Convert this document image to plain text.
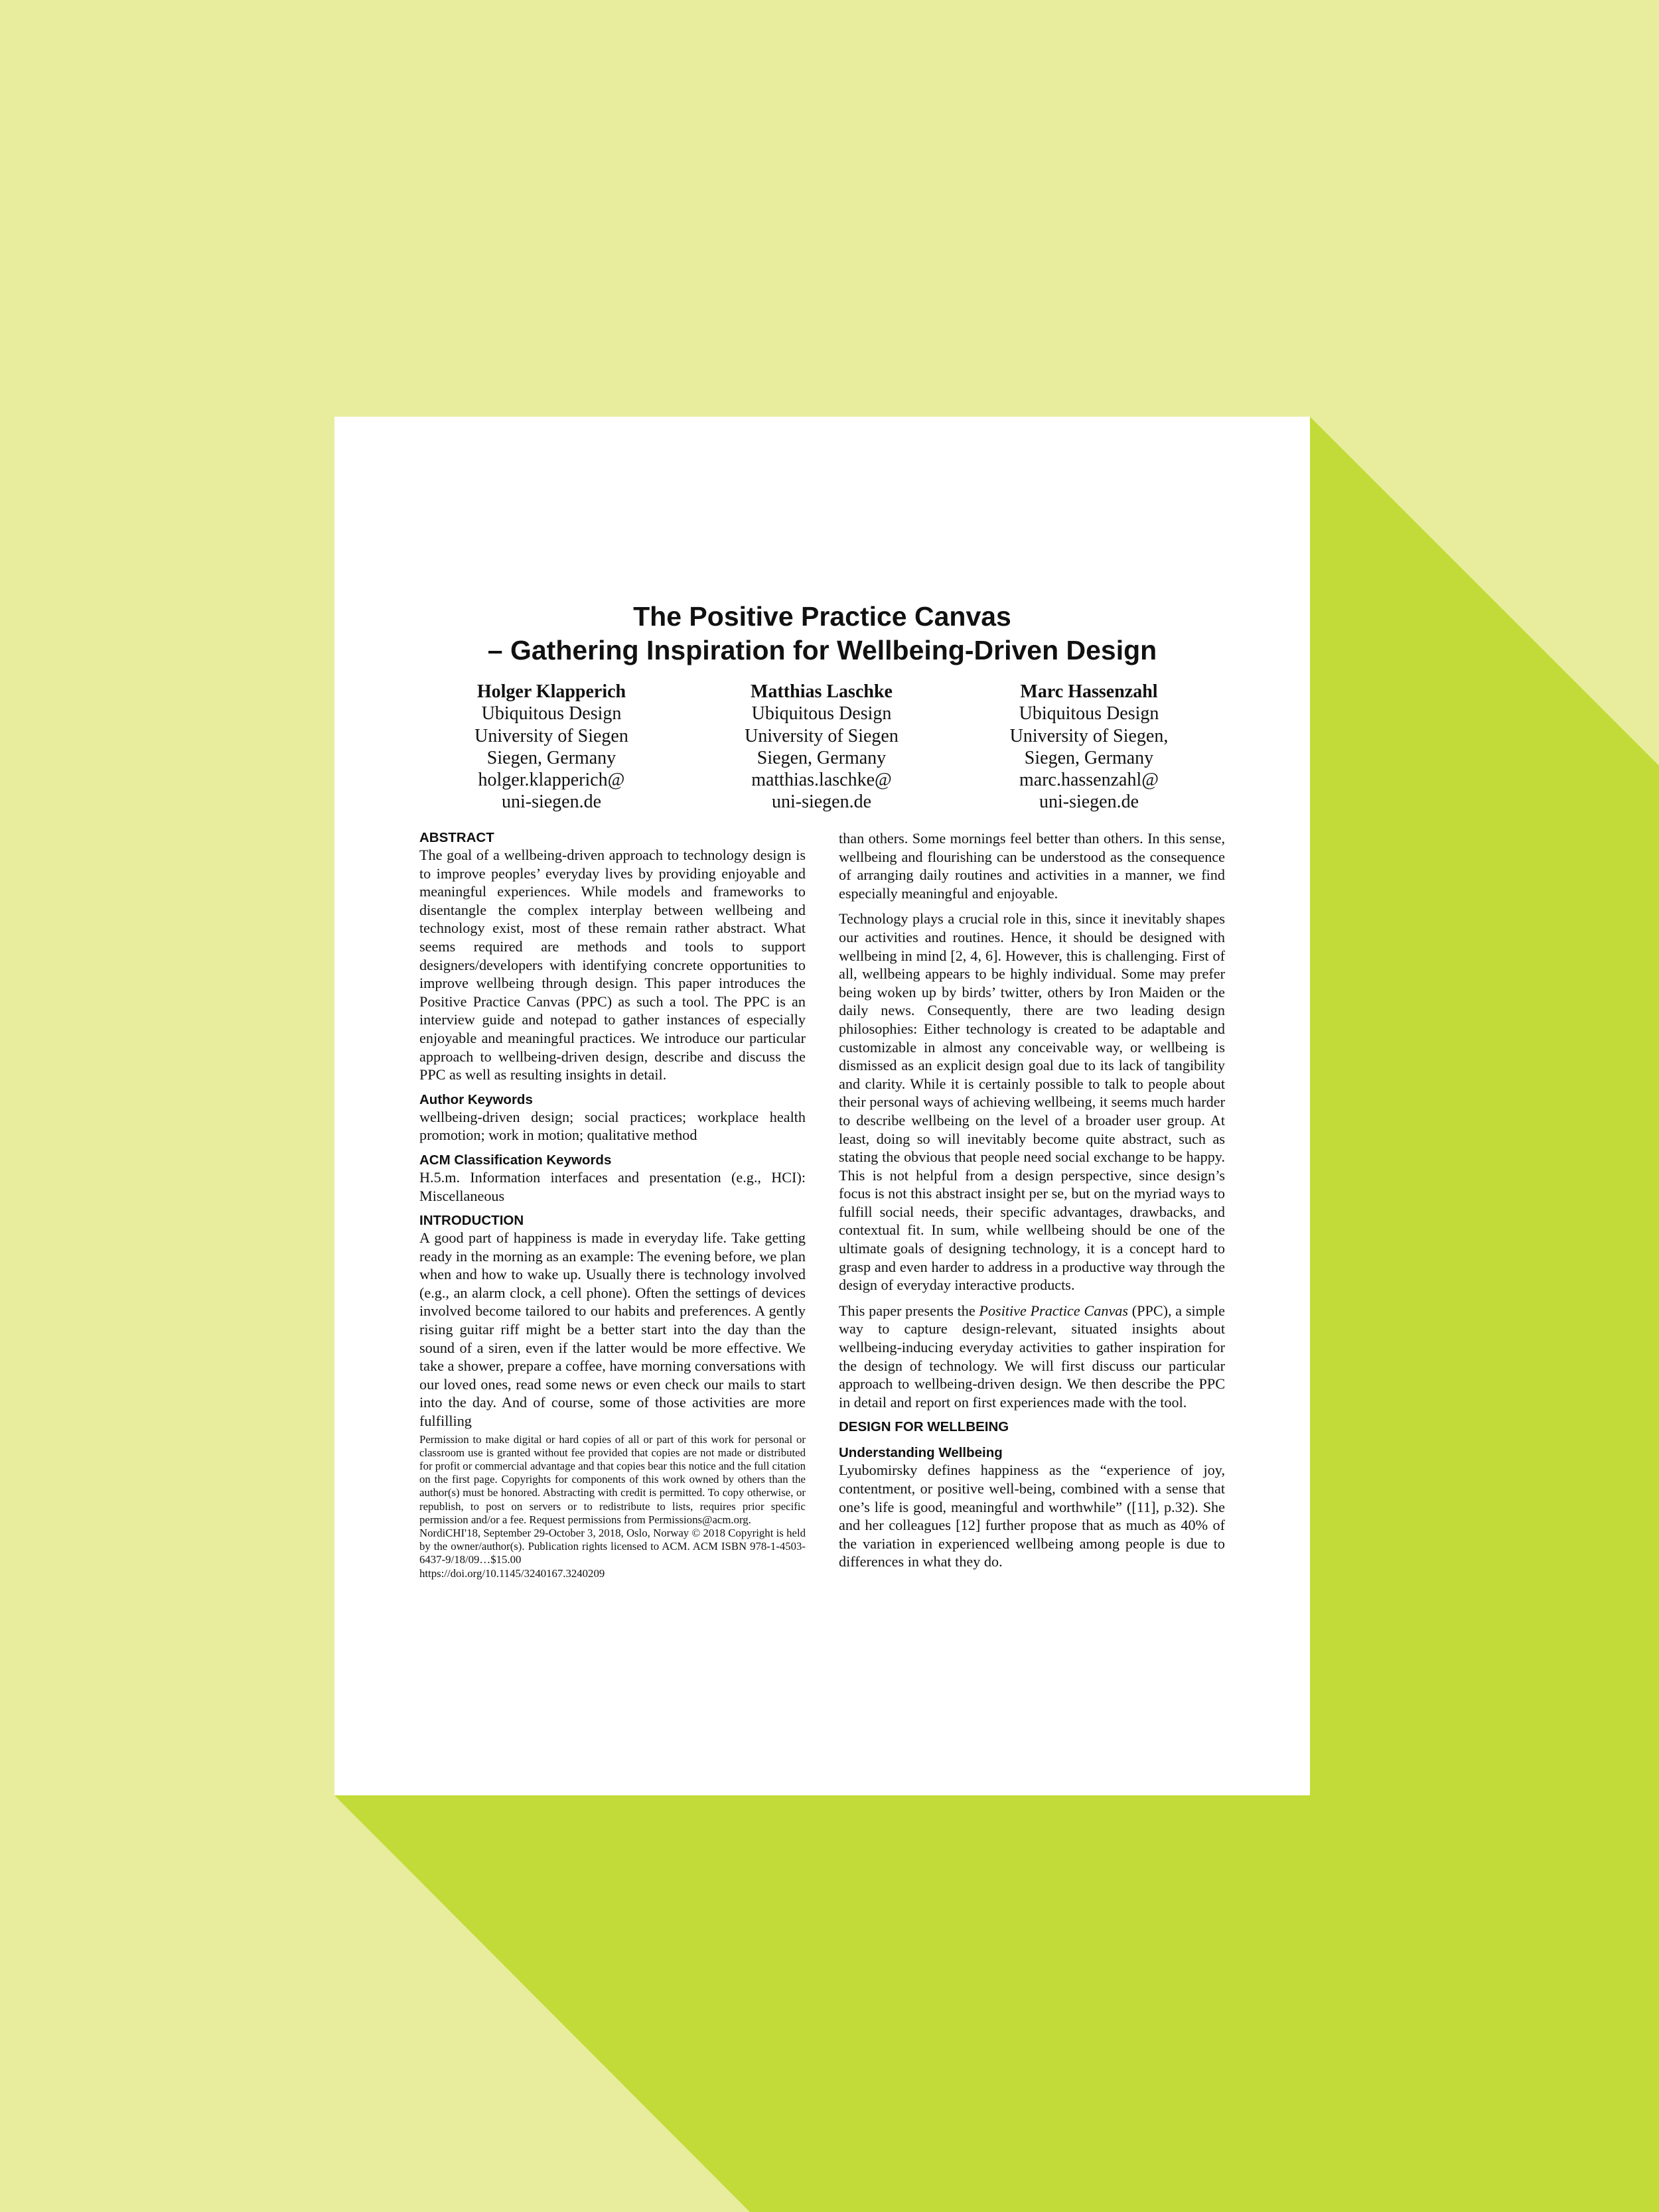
The Positive Practice Canvas
– Gathering Inspiration for Wellbeing-Driven Design
Holger Klapperich
Ubiquitous Design
University of Siegen
Siegen, Germany
holger.klapperich@
uni-siegen.de
Matthias Laschke
Ubiquitous Design
University of Siegen
Siegen, Germany
matthias.laschke@
uni-siegen.de
Marc Hassenzahl
Ubiquitous Design
University of Siegen,
Siegen, Germany
marc.hassenzahl@
uni-siegen.de
ABSTRACT

The goal of a wellbeing-driven approach to technology design is to improve peoples’ everyday lives by providing enjoyable and meaningful experiences. While models and frameworks to disentangle the complex interplay between wellbeing and technology exist, most of these remain rather abstract. What seems required are methods and tools to support designers/developers with identifying concrete opportunities to improve wellbeing through design. This paper introduces the Positive Practice Canvas (PPC) as such a tool. The PPC is an interview guide and notepad to gather instances of especially enjoyable and meaningful practices. We introduce our particular approach to wellbeing-driven design, describe and discuss the PPC as well as resulting insights in detail.

Author Keywords

wellbeing-driven design; social practices; workplace health promotion; work in motion; qualitative method

ACM Classification Keywords

H.5.m. Information interfaces and presentation (e.g., HCI): Miscellaneous

INTRODUCTION

A good part of happiness is made in everyday life. Take getting ready in the morning as an example: The evening before, we plan when and how to wake up. Usually there is technology involved (e.g., an alarm clock, a cell phone). Often the settings of devices involved become tailored to our habits and preferences. A gently rising guitar riff might be a better start into the day than the sound of a siren, even if the latter would be more effective. We take a shower, prepare a coffee, have morning conversations with our loved ones, read some news or even check our mails to start into the day. And of course, some of those activities are more fulfilling

Permission to make digital or hard copies of all or part of this work for personal or classroom use is granted without fee provided that copies are not made or distributed for profit or commercial advantage and that copies bear this notice and the full citation on the first page. Copyrights for components of this work owned by others than the author(s) must be honored. Abstracting with credit is permitted. To copy otherwise, or republish, to post on servers or to redistribute to lists, requires prior specific permission and/or a fee. Request permissions from Permissions@acm.org.
NordiCHI'18, September 29-October 3, 2018, Oslo, Norway © 2018 Copyright is held by the owner/author(s). Publication rights licensed to ACM. ACM ISBN 978-1-4503-6437-9/18/09…$15.00
https://doi.org/10.1145/3240167.3240209

than others. Some mornings feel better than others. In this sense, wellbeing and flourishing can be understood as the consequence of arranging daily routines and activities in a manner, we find especially meaningful and enjoyable.

Technology plays a crucial role in this, since it inevitably shapes our activities and routines. Hence, it should be designed with wellbeing in mind [2, 4, 6]. However, this is challenging. First of all, wellbeing appears to be highly individual. Some may prefer being woken up by birds’ twitter, others by Iron Maiden or the daily news. Consequently, there are two leading design philosophies: Either technology is created to be adaptable and customizable in almost any conceivable way, or wellbeing is dismissed as an explicit design goal due to its lack of tangibility and clarity. While it is certainly possible to talk to people about their personal ways of achieving wellbeing, it seems much harder to describe wellbeing on the level of a broader user group. At least, doing so will inevitably become quite abstract, such as stating the obvious that people need social exchange to be happy. This is not helpful from a design perspective, since design’s focus is not this abstract insight per se, but on the myriad ways to fulfill social needs, their specific advantages, drawbacks, and contextual fit. In sum, while wellbeing should be one of the ultimate goals of designing technology, it is a concept hard to grasp and even harder to address in a productive way through the design of everyday interactive products.

This paper presents the Positive Practice Canvas (PPC), a simple way to capture design-relevant, situated insights about wellbeing-inducing everyday activities to gather inspiration for the design of technology. We will first discuss our particular approach to wellbeing-driven design. We then describe the PPC in detail and report on first experiences made with the tool.

DESIGN FOR WELLBEING
Understanding Wellbeing

Lyubomirsky defines happiness as the “experience of joy, contentment, or positive well-being, combined with a sense that one’s life is good, meaningful and worthwhile” ([11], p.32). She and her colleagues [12] further propose that as much as 40% of the variation in experienced wellbeing among people is due to differences in what they do.
